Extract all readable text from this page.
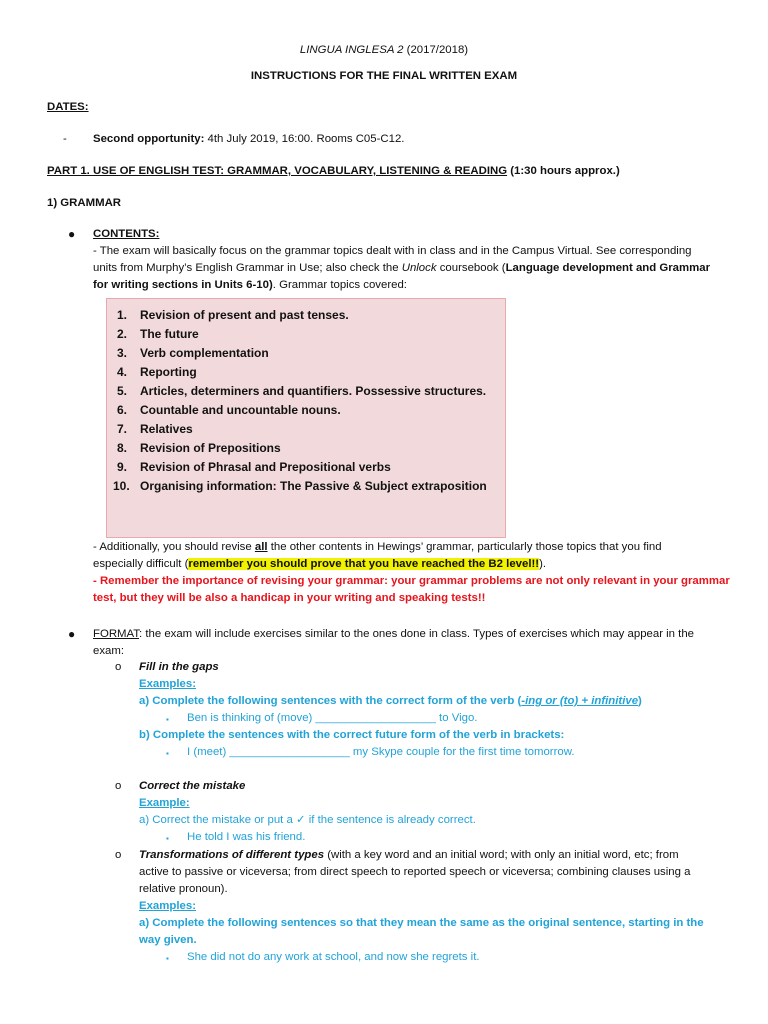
LINGUA INGLESA 2 (2017/2018)
INSTRUCTIONS FOR THE FINAL WRITTEN EXAM
DATES:
- Second opportunity: 4th July 2019, 16:00. Rooms C05-C12.
PART 1. USE OF ENGLISH TEST: GRAMMAR, VOCABULARY, LISTENING & READING (1:30 hours approx.)
1) GRAMMAR
● CONTENTS:
- The exam will basically focus on the grammar topics dealt with in class and in the Campus Virtual. See corresponding
units from Murphy’s English Grammar in Use; also check the Unlock coursebook (Language development and Grammar
for writing sections in Units 6-10). Grammar topics covered:
1. Revision of present and past tenses.
2. The future
3. Verb complementation
4. Reporting
5. Articles, determiners and quantifiers. Possessive structures.
6. Countable and uncountable nouns.
7. Relatives
8. Revision of Prepositions
9. Revision of Phrasal and Prepositional verbs
10. Organising information: The Passive & Subject extraposition
- Additionally, you should revise all the other contents in Hewings’ grammar, particularly those topics that you find
especially difficult (remember you should prove that you have reached the B2 level!!).
- Remember the importance of revising your grammar: your grammar problems are not only relevant in your grammar
test, but they will be also a handicap in your writing and speaking tests!!
● FORMAT: the exam will include exercises similar to the ones done in class. Types of exercises which may appear in the
exam:
o Fill in the gaps
Examples:
a) Complete the following sentences with the correct form of the verb (-ing or (to) + infinitive)
▪ Ben is thinking of (move) ___________________ to Vigo.
b) Complete the sentences with the correct future form of the verb in brackets:
▪ I (meet) ___________________ my Skype couple for the first time tomorrow.
o Correct the mistake
Example:
a) Correct the mistake or put a ✓ if the sentence is already correct.
▪ He told I was his friend.
o Transformations of different types (with a key word and an initial word; with only an initial word, etc; from
active to passive or viceversa; from direct speech to reported speech or viceversa; combining clauses using a
relative pronoun).
Examples:
a) Complete the following sentences so that they mean the same as the original sentence, starting in the
way given.
▪ She did not do any work at school, and now she regrets it.
